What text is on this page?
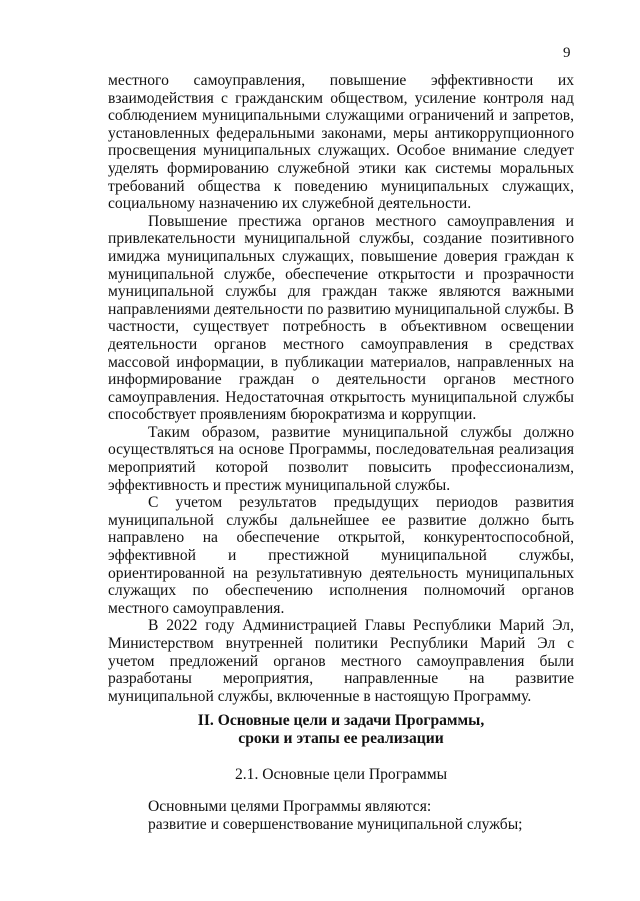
9

местного самоуправления, повышение эффективности их взаимодействия с гражданским обществом, усиление контроля над соблюдением муниципальными служащими ограничений и запретов, установленных федеральными законами, меры антикоррупционного просвещения муниципальных служащих. Особое внимание следует уделять формированию служебной этики как системы моральных требований общества к поведению муниципальных служащих, социальному назначению их служебной деятельности.

Повышение престижа органов местного самоуправления и привлекательности муниципальной службы, создание позитивного имиджа муниципальных служащих, повышение доверия граждан к муниципальной службе, обеспечение открытости и прозрачности муниципальной службы для граждан также являются важными направлениями деятельности по развитию муниципальной службы. В частности, существует потребность в объективном освещении деятельности органов местного самоуправления в средствах массовой информации, в публикации материалов, направленных на информирование граждан о деятельности органов местного самоуправления. Недостаточная открытость муниципальной службы способствует проявлениям бюрократизма и коррупции.

Таким образом, развитие муниципальной службы должно осуществляться на основе Программы, последовательная реализация мероприятий которой позволит повысить профессионализм, эффективность и престиж муниципальной службы.

С учетом результатов предыдущих периодов развития муниципальной службы дальнейшее ее развитие должно быть направлено на обеспечение открытой, конкурентоспособной, эффективной и престижной муниципальной службы, ориентированной на результативную деятельность муниципальных служащих по обеспечению исполнения полномочий органов местного самоуправления.

В 2022 году Администрацией Главы Республики Марий Эл, Министерством внутренней политики Республики Марий Эл с учетом предложений органов местного самоуправления были разработаны мероприятия, направленные на развитие муниципальной службы, включенные в настоящую Программу.

II. Основные цели и задачи Программы,
сроки и этапы ее реализации
2.1. Основные цели Программы
Основными целями Программы являются:
развитие и совершенствование муниципальной службы;
